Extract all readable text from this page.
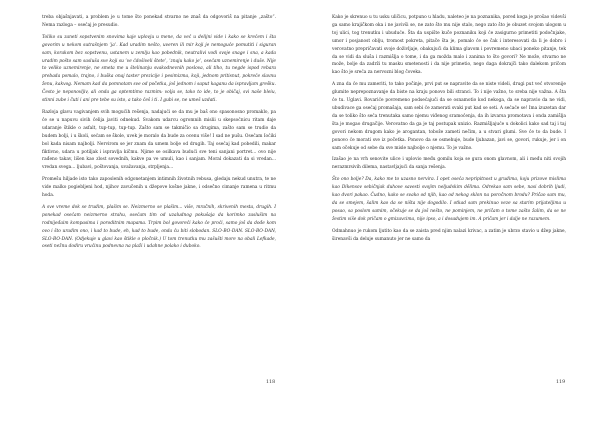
treba objašnjavati, a problem je u tome što ponekad stvarno ne znaš da odgovoriš na pitanje „zašto“. Nema razloga – osećaj je presudio.

Toliko su zaneti sopstvenim snovima kaje uplovju u mene, da već u delijni vide i kako se krećem i šta govorim u nekom sutrašnjem ‘ja’. Kad uradim nešto, uveren ili mir koji je nemoguće pomutiti i siguran sam, korakom bez sopstvenu, ustanem u zemlju kao pobednik, neutralivi vodi svoje snage i sna, a kada uradim pošto sam sasluša sve koji su ‘ve ćdošiveli štete’, ‘znaju kako je’, osećam uznemirenje i duše. Nije to veliko uznemirenje, ne smeta me u štelinanju svakodnevnih poslova, ali tiho, tu negde ispod rebara prebada pomalo, trajno, i buška onaj taster prezicije i pesimizma, koji, jednom pritisnut, pokreće slavnu ženu, kakvog. Nemam kad da pomnotam sve od početka, još jednom i saput kaganu da ispravljam grešku. Često je neponovljiv, ali onda ga optemtimo razmim: volja se, tako to ide, to je običaj, svi naše bleiu, stinni zube i čuti i ani pre tebe su isto, a tako ćeš i ti. I gubi se, ne umeš uzdati.

Razloja glavu vagivanjem svih mogućih rešenja, nadajući se da mu je baš ono spasonosno promaklo, pa će se u napuvu sivih ćelija javiti odnekud. Svakom udarcu ogromnih mislii u skepsoćnicu ritam daje udaranje štikle o asfalt, tup-tup, tup-tup. Zašto sam se takmičio sa drugima, zašto sam se trudio da budem bolji, i u školi, sećam se škole, uvek je moralo da bude za ocenu više! I sad ne pušu. Osećam Ioćiki bol kada nisam najbolji. Nervirom se jer znam da umem bolje od drugih. Taj osećaj kad pobedili, makar fiktivno, udara u potiljak i ispravlja kičmu. Njime se osilkava budući sve teni sanjani portret... ovo nije rađeno takav, lišen kao zlost sovednih, kakve pa ve umuli, kao i sanjam. Moral dokazati da si vredan... vredan svega... ljubavi, poštovanja, uvažavanja, strpljenja...

Promešu hiljade isto tako zaposlenih odgonetanjem intimnih životnih rebusa, gledaju nekud unutra, te ne vide malko pogiebljeni hod, njihov zavučenih u džepove košne jakne, i odsečno cimanje ramena u ritmu hoda.

A sve vreme dok se trudim, plašim se. Neizmerno se plašim... više, mračnih, skrivenih mesta, drugih. I ponekad osećam neizmerno strahu, osećam tim od uzaludnog pokušaja da korimko zaslušim na rodnijeđaim kompasima i poroditnim mapama. Trpim bol govoreći kako će proći, samo još da dođe kom ovo i što uradim ono, i kad to bude, eh, kad to bude, onda ću biti slobodan. SLO-BO-DAN. SLO-BO-DAN, SLO-BO-DAN. (Odjekuje u glavi kao štikle o pločnik.) U tom trenutku mu zašušti more na obali Lefkade, oseti nežnu dodiru vrućinu podnevna na plaži i udahne polako i duboko.

118

Kako je skrenuo u tu usku uličicu, potpuno u hladu, naletеo je na poznanika, pored koga je prošao videvši ga samo krajičkom oka i ne javivši se, ne zato što mu nije stalo, nego zato što je obuzet svojom ulogom u toj ulici, tog trenutku i ubuduće. Šta da uspište kuče poznaniku koji će zasigurno primetiti podočnjake, umor i posjanost oblju, tromost pokreta, pitače šta je, pomalo će se čak i interesovati da li je dobro i verovatno prepričavati svoje doživljaje, obakujući da klima glavom i povremeno ubaci poneko pitanje, tek da se vidi da sluša i razmišlja o tome, i da ga možda malo i zanima to što govori? Ne može, stvarno ne može, bolje da zadrži tu masku smetenosti i da nije primetio, nego daga dokrajči tako dalekom pričom kao što je sreća za nervozni blog čoveka.

A zna da će mu zameriti, to tako počinje, prvi put se napravite da se niste videli, drugi put već otvorenije glumite neprepoznavanje da biste na kraju ponovo bili stranci. To i nije važno, to sreba nije važna. A šta će tu. Uglavi. Rovariće povremeno podsećajući da se osnamotio kod nekoga, da se napravio da ne vidi, ubudivace ga osećaj promašaja, sam sebi će zamerati svaki put kad se seti. A sećaće se! Ima izuzetan dar da se toliko što seća trenutaka samo njemu viđenog sramoćenja, da ih izvarsa promotava i onda zamišlja šta je mogao drugačije. Verovatno da ga je taj postupak unizio. Razmišljajuće u dokolici kako sad taj i taj govori nekom drugom kako je arogantan, tobože zameti nečim, a u stvari glumi. Sve će to da bude. I ponovo će morati sve iz početka. Ponovo da se osmehuje, bude ljubazan, javi se, govori, rukuje, jer i on sam očekuje od sebe da sve misle najbolje o njemu. To je važno.

Izašao je na vrh senovite ulice i uplovio među gomilu koja se gura onom glavnom, ali i među niti svojih nerazmrsivih dilema, nastavljajući da sanja rešenja.

Što ono bolje? Da, kako me to uzasno nervira. I opet osećа nepripitnost u grudima, koju prizove mislima kao Dikensov sebičnjak duhove savesti svojim neljudskim dělima. Odrekao sam sebe, nasi dobrih ljudi, kao dvori pakao. Čudno, kako se svako od njih, kao od nekog sklon na poročnom brodu? Pričao sam mu, da se smejem, šalim kao da se ništa nije dogodilo. I otkad sam prekinuo vezе sa starim prijateljima u posao, sa poslom samim, očekuje se da još nešto, ne pominjem, ne pričam o tome zašto žalim, da se ne žestim više dok pričam o gmizavcima, nije ipso, a i dosadujem im. A pričam jer i dalje ne razumem.

Odmahnuo je rukom ljutito kao da se zaista pred njim nalazi krivac, a zatim je ubrzo stavio u džep jakne, širenavši da deluje sumanuto jer ne samo da

119
